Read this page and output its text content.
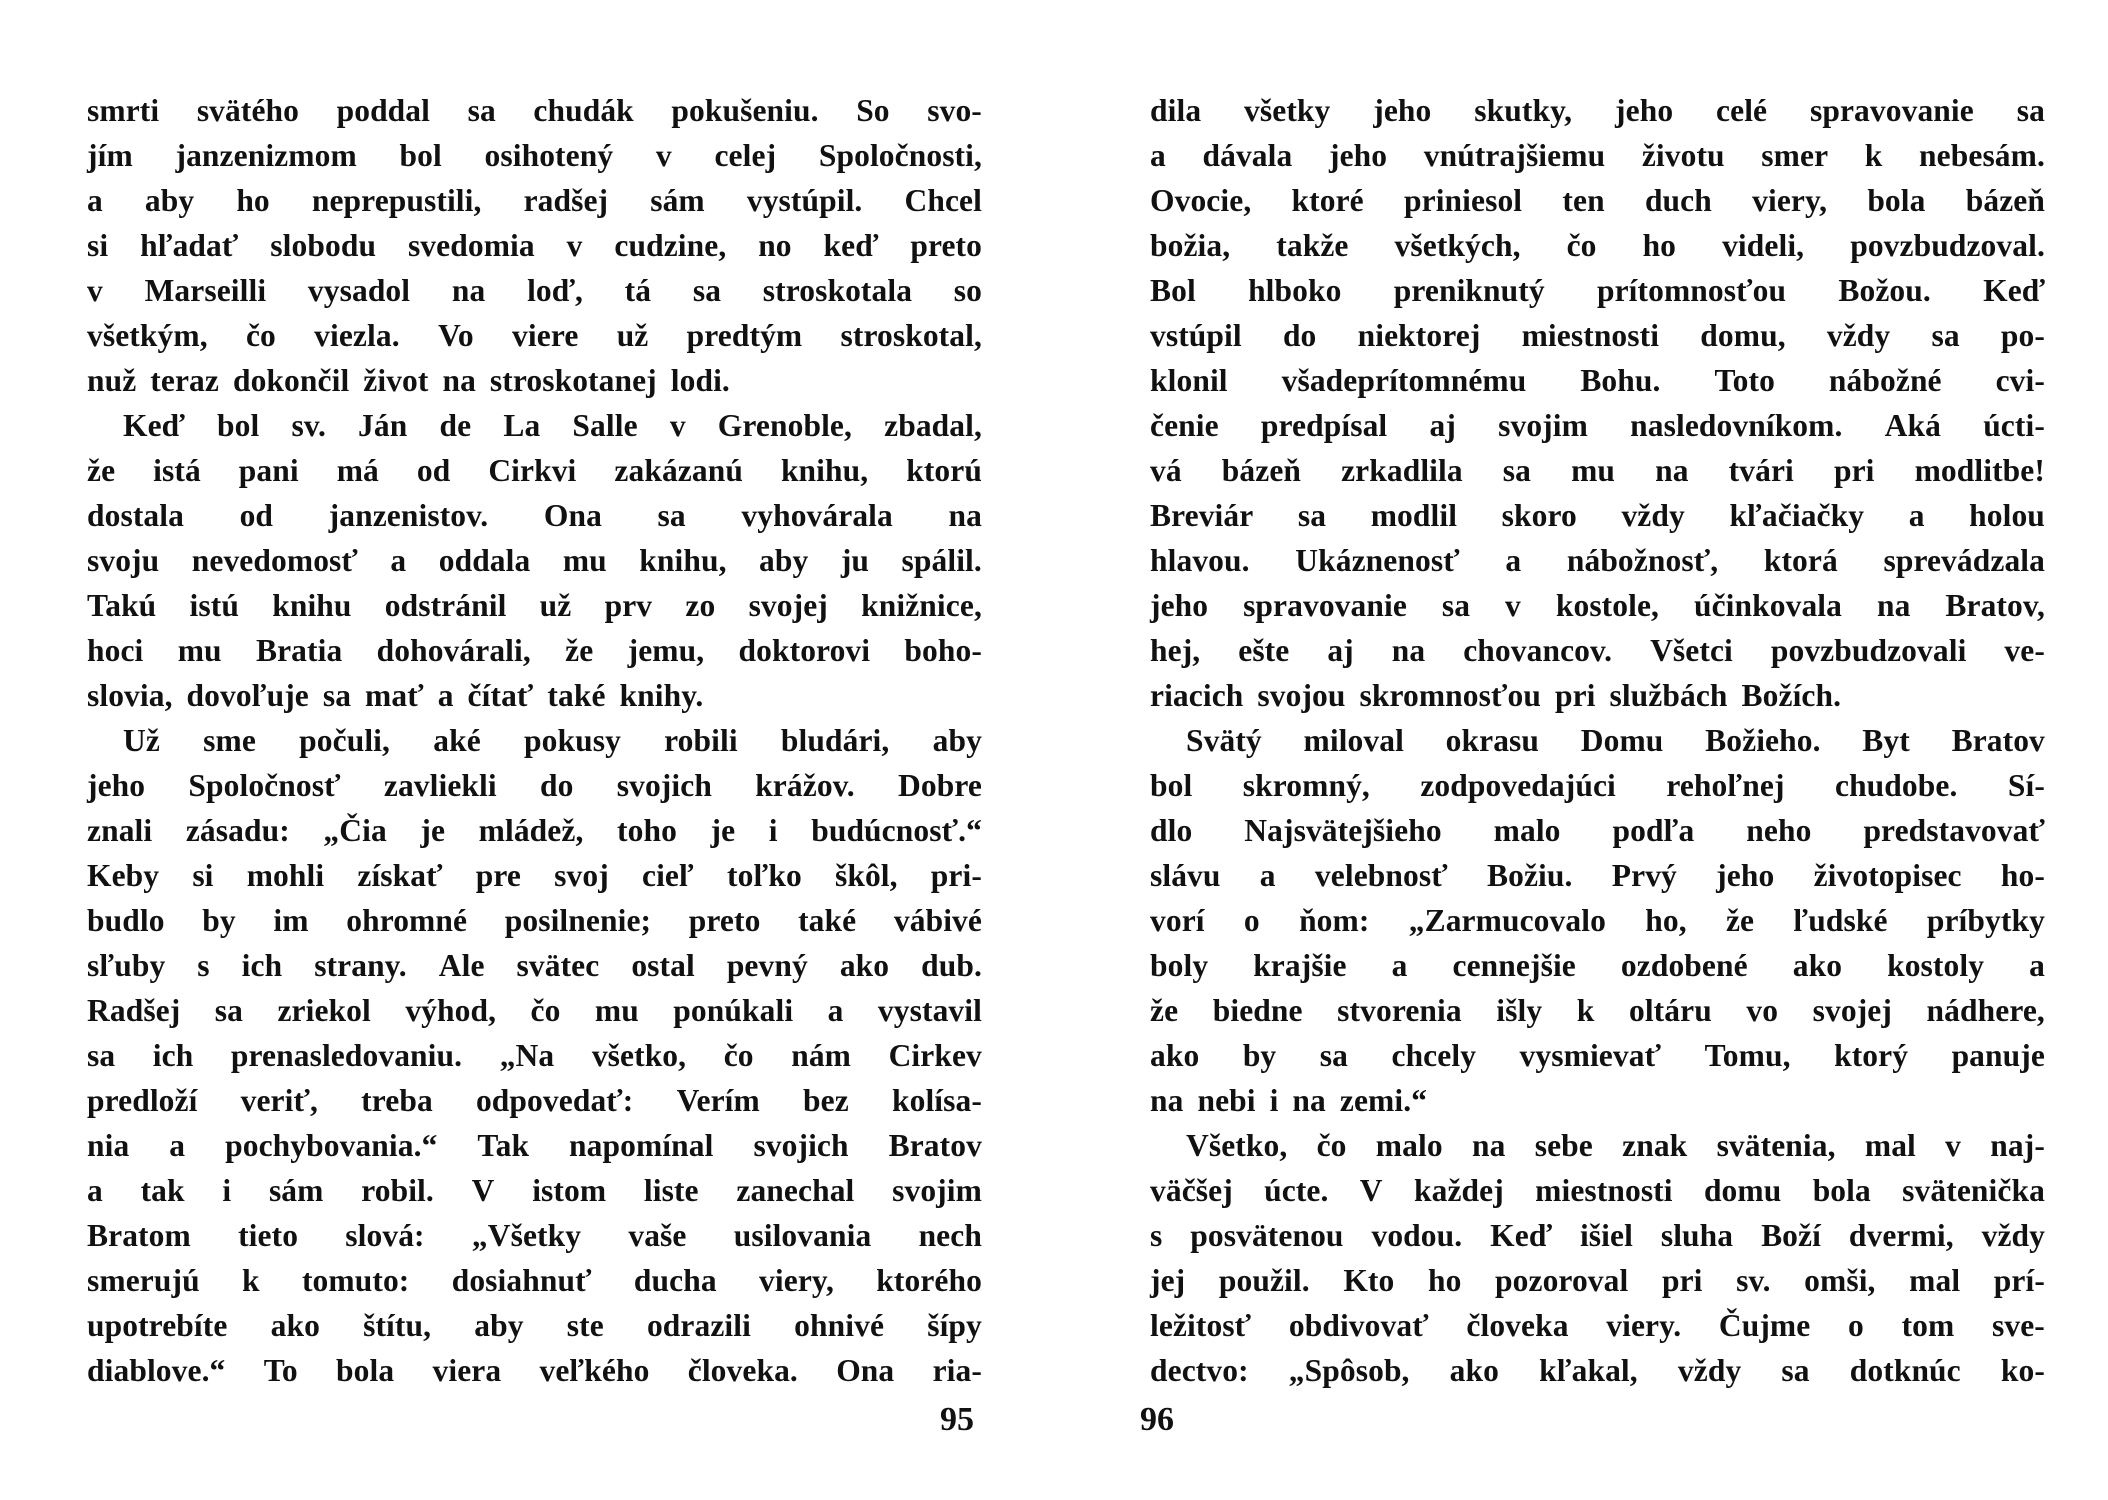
smrti svätého poddal sa chudák pokušeniu. So svo-
jím janzenizmom bol osihotený v celej Spoločnosti,
a aby ho neprepustili, radšej sám vystúpil. Chcel
si hľadať slobodu svedomia v cudzine, no keď preto
v Marseilli vysadol na loď, tá sa stroskotala so
všetkým, čo viezla. Vo viere už predtým stroskotal,
nuž teraz dokončil život na stroskotanej lodi.
Keď bol sv. Ján de La Salle v Grenoble, zbadal,
že istá pani má od Cirkvi zakázanú knihu, ktorú
dostala od janzenistov. Ona sa vyhovárala na
svoju nevedomosť a oddala mu knihu, aby ju spálil.
Takú istú knihu odstránil už prv zo svojej knižnice,
hoci mu Bratia dohovárali, že jemu, doktorovi boho-
slovia, dovoľuje sa mať a čítať také knihy.
Už sme počuli, aké pokusy robili bludári, aby
jeho Spoločnosť zavliekli do svojich krážov. Dobre
znali zásadu: „Čia je mládež, toho je i budúcnosť.“
Keby si mohli získať pre svoj cieľ toľko škôl, pri-
budlo by im ohromné posilnenie; preto také vábivé
sľuby s ich strany. Ale svätec ostal pevný ako dub.
Radšej sa zriekol výhod, čo mu ponúkali a vystavil
sa ich prenasledovaniu. „Na všetko, čo nám Cirkev
predloží veriť, treba odpovedať: Verím bez kolísa-
nia a pochybovania.“ Tak napomínal svojich Bratov
a tak i sám robil. V istom liste zanechal svojim
Bratom tieto slová: „Všetky vaše usilovania nech
smerujú k tomuto: dosiahnuť ducha viery, ktorého
upotrebíte ako štítu, aby ste odrazili ohnivé šípy
diablove.“ To bola viera veľkého človeka. Ona ria-
dila všetky jeho skutky, jeho celé spravovanie sa
a dávala jeho vnútrajšiemu životu smer k nebesám.
Ovocie, ktoré priniesol ten duch viery, bola bázeň
božia, takže všetkých, čo ho videli, povzbudzoval.
Bol hlboko preniknutý prítomnosťou Božou. Keď
vstúpil do niektorej miestnosti domu, vždy sa po-
klonil všadeprítomnému Bohu. Toto nábožné cvi-
čenie predpísal aj svojim nasledovníkom. Aká úcti-
vá bázeň zrkadlila sa mu na tvári pri modlitbe!
Breviár sa modlil skoro vždy kľačiačky a holou
hlavou. Ukáznenosť a nábožnosť, ktorá sprevádzala
jeho spravovanie sa v kostole, účinkovala na Bratov,
hej, ešte aj na chovancov. Všetci povzbudzovali ve-
riacich svojou skromnosťou pri službách Božích.
Svätý miloval okrasu Domu Božieho. Byt Bratov
bol skromný, zodpovedajúci rehoľnej chudobe. Sí-
dlo Najsvätejšieho malo podľa neho predstavovať
slávu a velebnosť Božiu. Prvý jeho životopisec ho-
vorí o ňom: „Zarmucovalo ho, že ľudské príbytky
boly krajšie a cennejšie ozdobené ako kostoly a
že biedne stvorenia išly k oltáru vo svojej nádhere,
ako by sa chcely vysmievať Tomu, ktorý panuje
na nebi i na zemi.“
Všetko, čo malo na sebe znak svätenia, mal v naj-
väčšej úcte. V každej miestnosti domu bola svätenička
s posvätenou vodou. Keď išiel sluha Boží dvermi, vždy
jej použil. Kto ho pozoroval pri sv. omši, mal prí-
ležitosť obdivovať človeka viery. Čujme o tom sve-
dectvo: „Spôsob, ako kľakal, vždy sa dotknúc ko-
95	96
